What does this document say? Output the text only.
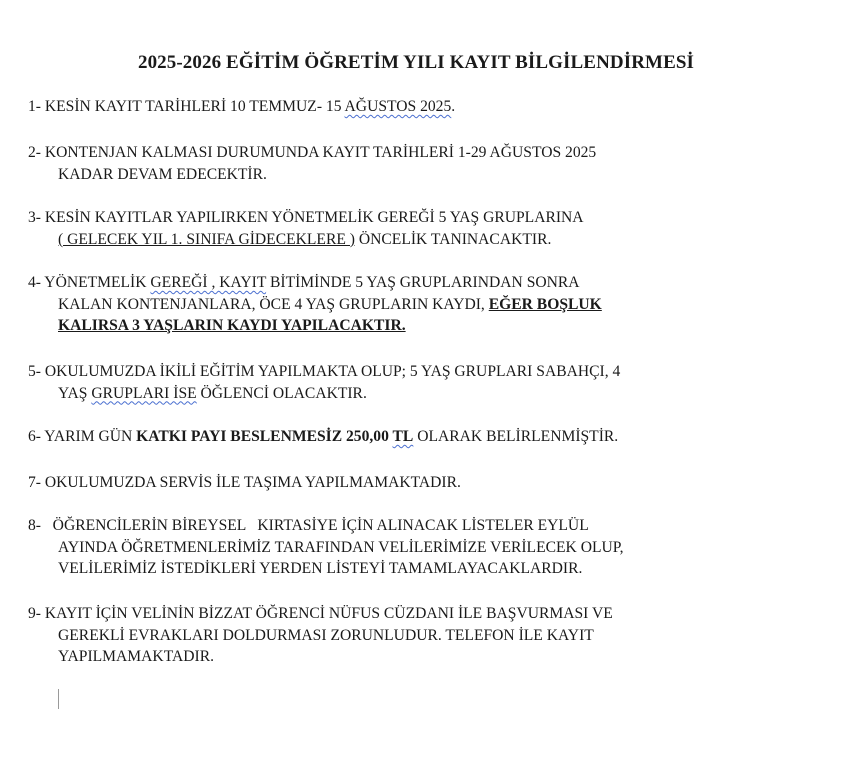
2025-2026 EĞİTİM ÖĞRETİM YILI KAYIT BİLGİLENDİRMESİ
1- KESİN KAYIT TARİHLERİ 10 TEMMUZ- 15 AĞUSTOS 2025.
2- KONTENJAN KALMASI DURUMUNDA KAYIT TARİHLERİ 1-29 AĞUSTOS 2025
KADAR DEVAM EDECEKTİR.
3- KESİN KAYITLAR YAPILIRKEN YÖNETMELİK GEREĞİ 5 YAŞ GRUPLARINA
( GELECEK YIL 1. SINIFA GİDECEKLERE ) ÖNCELİK TANINACAKTIR.
4- YÖNETMELİK GEREĞİ , KAYIT BİTİMİNDE 5 YAŞ GRUPLARINDAN SONRA
KALAN KONTENJANLARA, ÖCE 4 YAŞ GRUPLARIN KAYDI, EĞER BOŞLUK
KALIRSA 3 YAŞLARIN KAYDI YAPILACAKTIR.
5- OKULUMUZDA İKİLİ EĞİTİM YAPILMAKTA OLUP; 5 YAŞ GRUPLARI SABAHÇI, 4
YAŞ GRUPLARI İSE ÖĞLENCİ OLACAKTIR.
6- YARIM GÜN KATKI PAYI BESLENMESİZ 250,00 TL OLARAK BELİRLENMİŞTİR.
7- OKULUMUZDA SERVİS İLE TAŞIMA YAPILMAMAKTADIR.
8-   ÖĞRENCİLERİN BİREYSEL   KIRTASİYE İÇİN ALINACAK LİSTELER EYLÜL
AYINDA ÖĞRETMENLERİMİZ TARAFINDAN VELİLERİMİZE VERİLECEK OLUP,
VELİLERİMİZ İSTEDİKLERİ YERDEN LİSTEYİ TAMAMLAYACAKLARDIR.
9- KAYIT İÇİN VELİNİN BİZZAT ÖĞRENCİ NÜFUS CÜZDANI İLE BAŞVURMASI VE
GEREKLİ EVRAKLARI DOLDURMASI ZORUNLUDUR. TELEFON İLE KAYIT
YAPILMAMAKTADIR.
